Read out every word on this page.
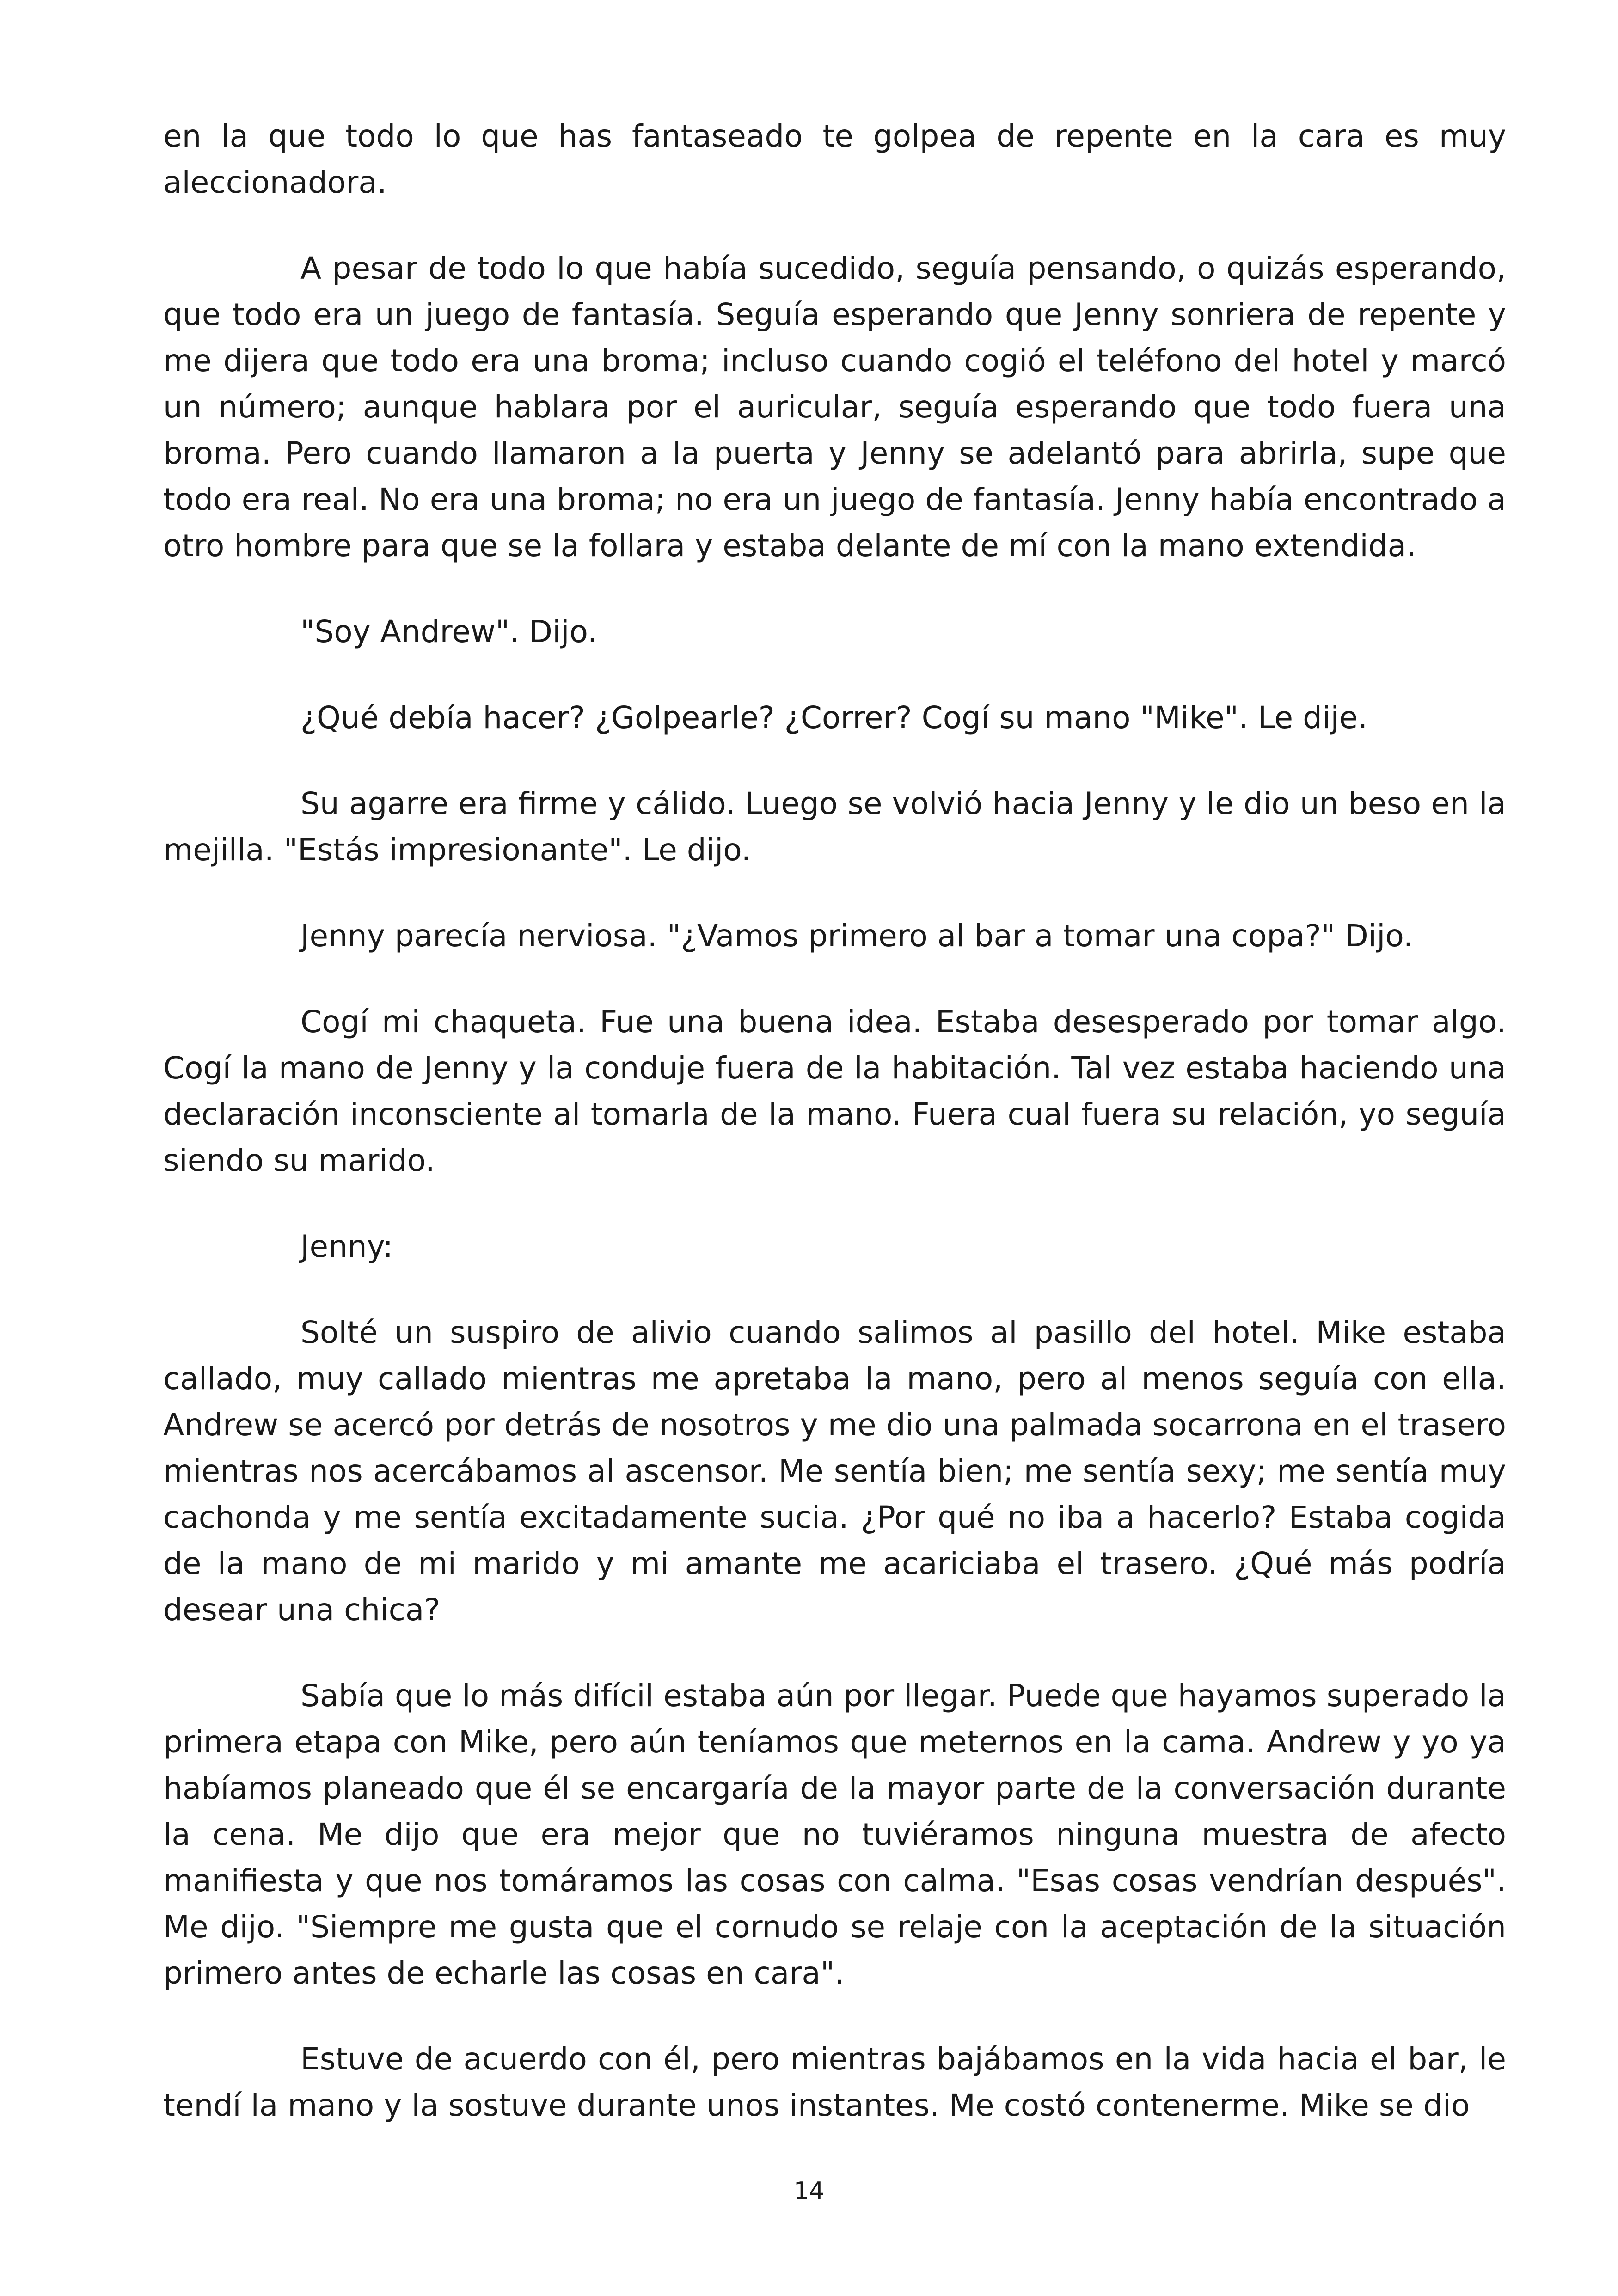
en la que todo lo que has fantaseado te golpea de repente en la cara es muy aleccionadora.

A pesar de todo lo que había sucedido, seguía pensando, o quizás esperando, que todo era un juego de fantasía. Seguía esperando que Jenny sonriera de repente y me dijera que todo era una broma; incluso cuando cogió el teléfono del hotel y marcó un número; aunque hablara por el auricular, seguía esperando que todo fuera una broma. Pero cuando llamaron a la puerta y Jenny se adelantó para abrirla, supe que todo era real. No era una broma; no era un juego de fantasía. Jenny había encontrado a otro hombre para que se la follara y estaba delante de mí con la mano extendida.

"Soy Andrew". Dijo.

¿Qué debía hacer? ¿Golpearle? ¿Correr? Cogí su mano "Mike". Le dije.

Su agarre era firme y cálido. Luego se volvió hacia Jenny y le dio un beso en la mejilla. "Estás impresionante". Le dijo.

Jenny parecía nerviosa. "¿Vamos primero al bar a tomar una copa?" Dijo.

Cogí mi chaqueta. Fue una buena idea. Estaba desesperado por tomar algo. Cogí la mano de Jenny y la conduje fuera de la habitación. Tal vez estaba haciendo una declaración inconsciente al tomarla de la mano. Fuera cual fuera su relación, yo seguía siendo su marido.

Jenny:

Solté un suspiro de alivio cuando salimos al pasillo del hotel. Mike estaba callado, muy callado mientras me apretaba la mano, pero al menos seguía con ella. Andrew se acercó por detrás de nosotros y me dio una palmada socarrona en el trasero mientras nos acercábamos al ascensor. Me sentía bien; me sentía sexy; me sentía muy cachonda y me sentía excitadamente sucia. ¿Por qué no iba a hacerlo? Estaba cogida de la mano de mi marido y mi amante me acariciaba el trasero. ¿Qué más podría desear una chica?

Sabía que lo más difícil estaba aún por llegar. Puede que hayamos superado la primera etapa con Mike, pero aún teníamos que meternos en la cama. Andrew y yo ya habíamos planeado que él se encargaría de la mayor parte de la conversación durante la cena. Me dijo que era mejor que no tuviéramos ninguna muestra de afecto manifiesta y que nos tomáramos las cosas con calma. "Esas cosas vendrían después". Me dijo. "Siempre me gusta que el cornudo se relaje con la aceptación de la situación primero antes de echarle las cosas en cara".

Estuve de acuerdo con él, pero mientras bajábamos en la vida hacia el bar, le tendí la mano y la sostuve durante unos instantes. Me costó contenerme. Mike se dio

14
